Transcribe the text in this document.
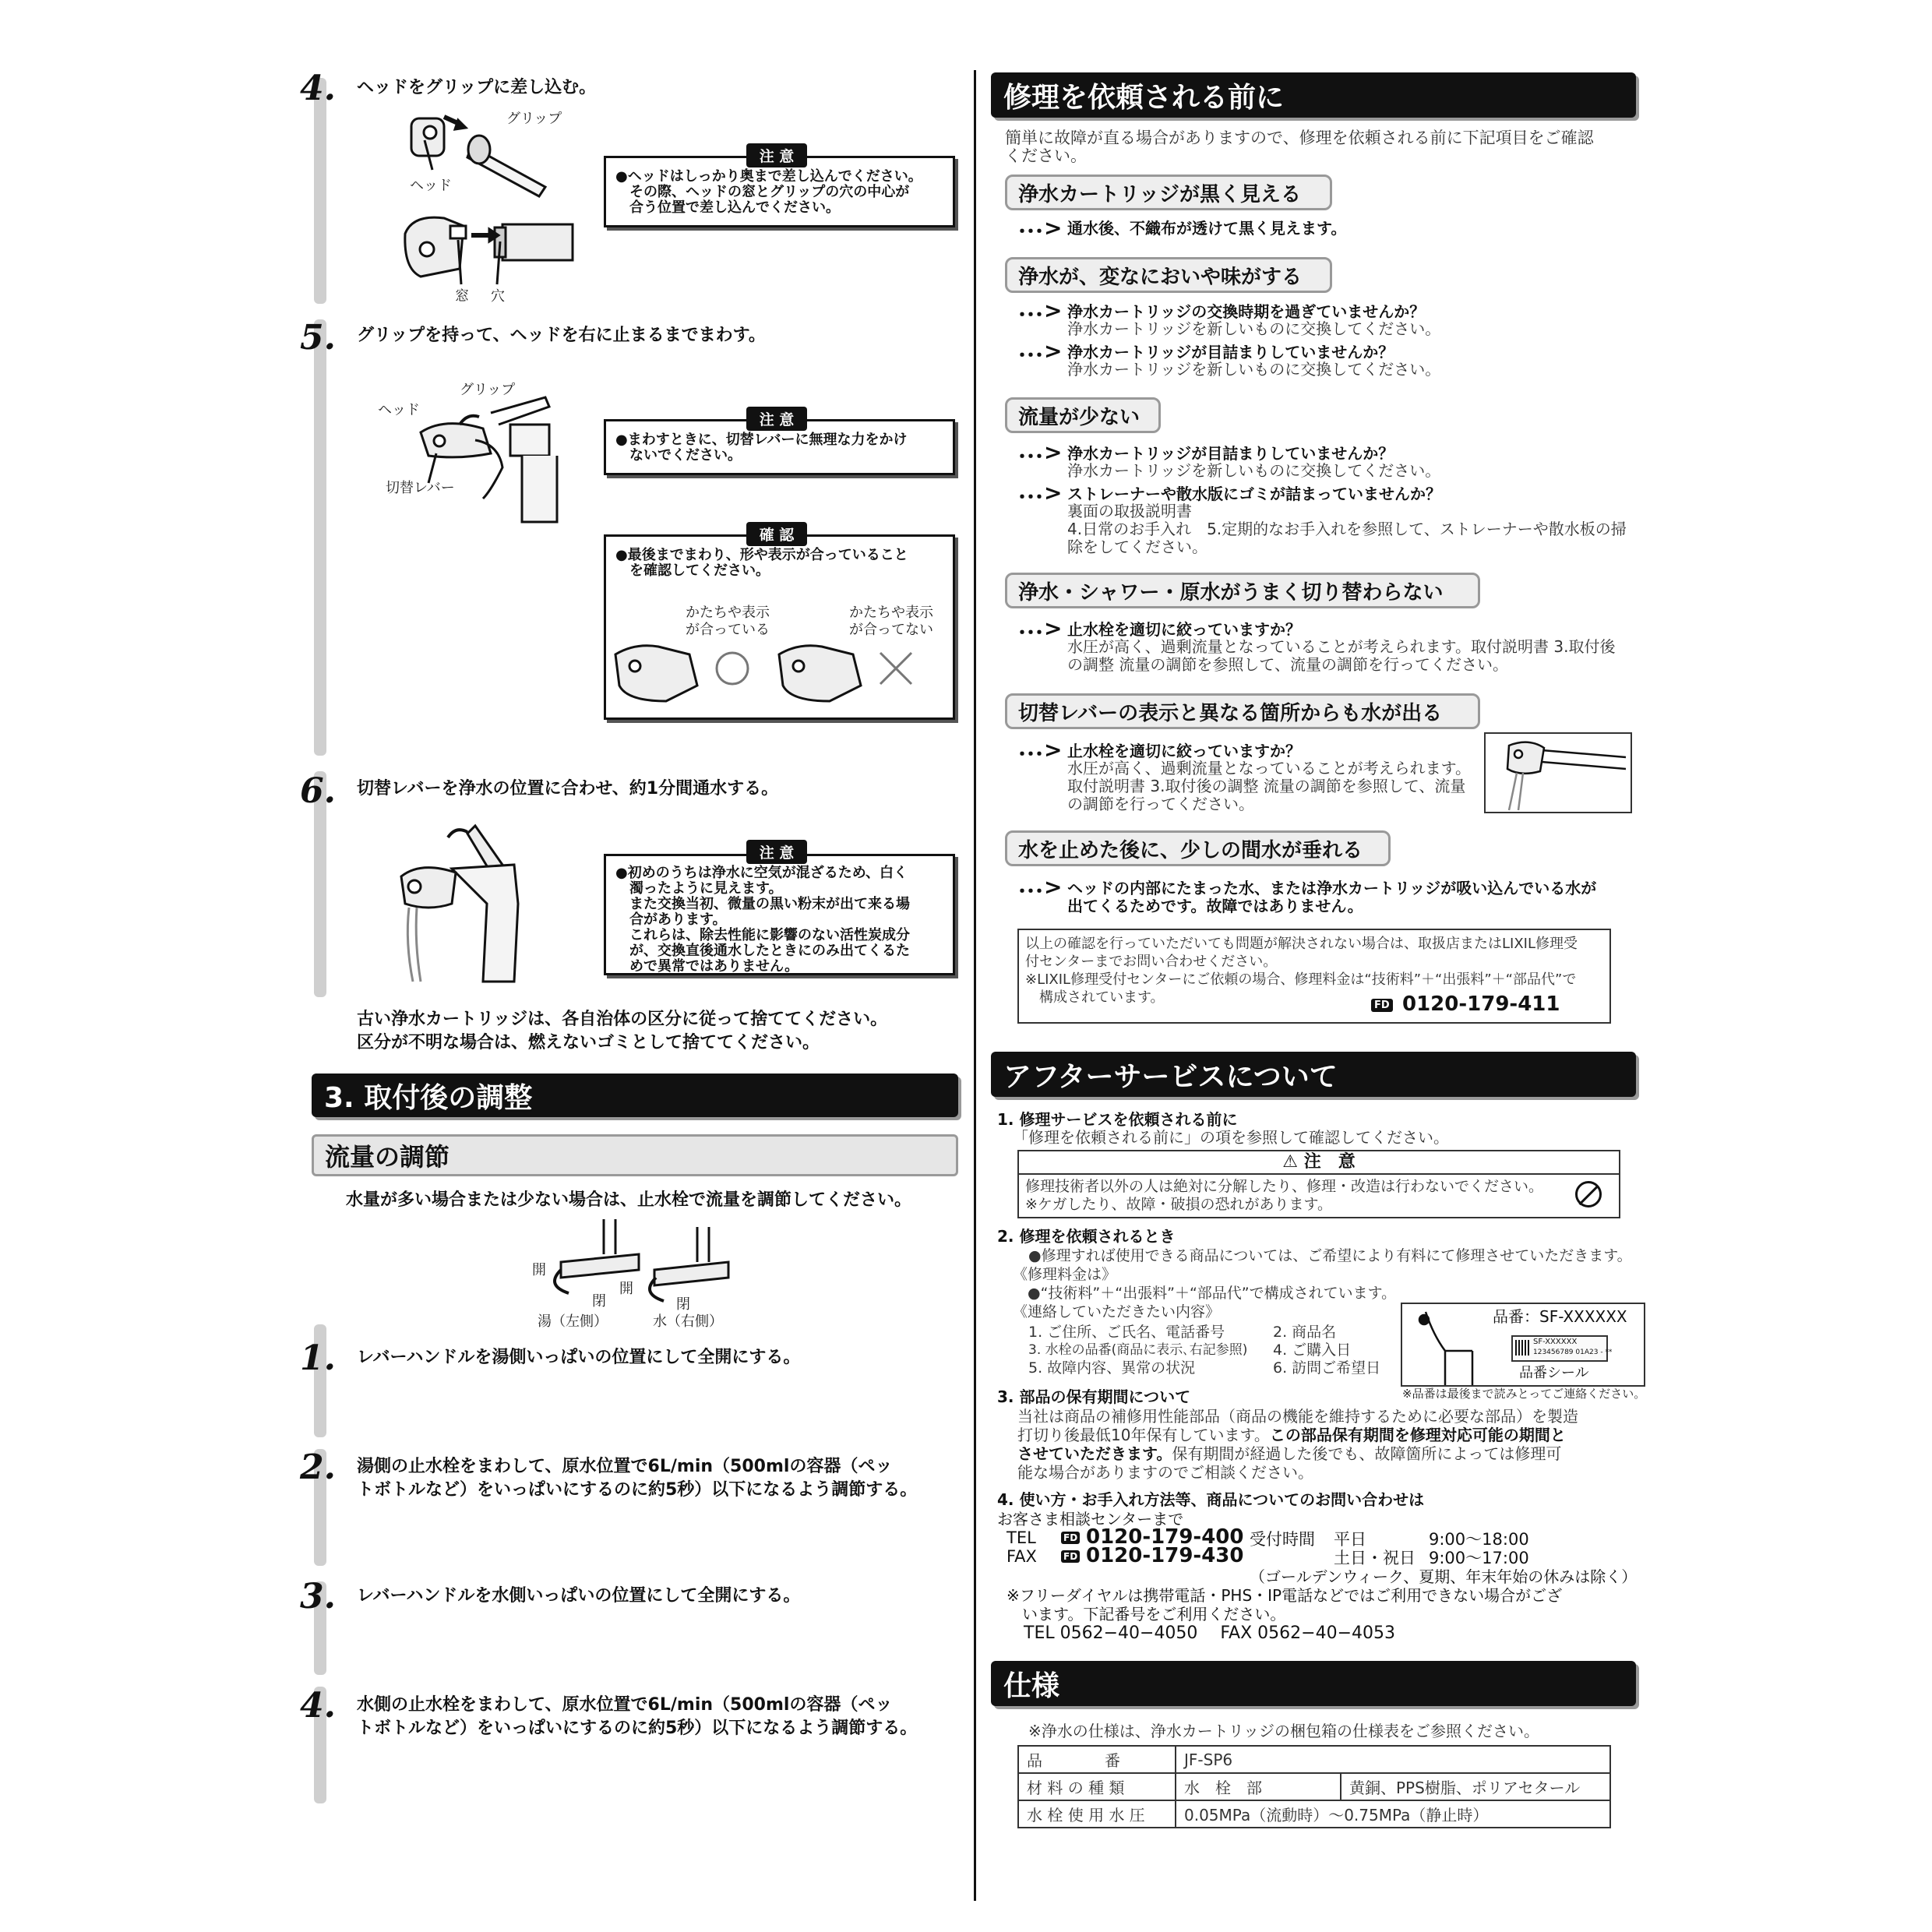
4. ヘッドをグリップに差し込む。
グリップ
ヘッド
窓 穴
●ヘッドはしっかり奥まで差し込んでください。
　その際、ヘッドの窓とグリップの穴の中心が
　合う位置で差し込んでください。
注 意
5. グリップを持って、ヘッドを右に止まるまでまわす。
グリップ
ヘッド
切替レバー
●まわすときに、切替レバーに無理な力をかけ
　ないでください。
注 意
●最後までまわり、形や表示が合っていること
　を確認してください。
確 認
かたちや表示
が合っている
かたちや表示
が合ってない
6. 切替レバーを浄水の位置に合わせ、約1分間通水する。
●初めのうちは浄水に空気が混ざるため、白く
　濁ったように見えます。
　また交換当初、微量の黒い粉末が出て来る場
　合があります。
　これらは、除去性能に影響のない活性炭成分
　が、交換直後通水したときにのみ出てくるた
　めで異常ではありません。
注 意
古い浄水カートリッジは、各自治体の区分に従って捨ててください。
区分が不明な場合は、燃えないゴミとして捨ててください。
3. 取付後の調整
流量の調節
水量が多い場合または少ない場合は、止水栓で流量を調節してください。
開
閉
開
閉
湯（左側）	水（右側）
1. レバーハンドルを湯側いっぱいの位置にして全開にする。
2. 湯側の止水栓をまわして、原水位置で6L/min（500mlの容器（ペッ
トボトルなど）をいっぱいにするのに約5秒）以下になるよう調節する。
3. レバーハンドルを水側いっぱいの位置にして全開にする。
4. 水側の止水栓をまわして、原水位置で6L/min（500mlの容器（ペッ
トボトルなど）をいっぱいにするのに約5秒）以下になるよう調節する。
修理を依頼される前に
簡単に故障が直る場合がありますので、修理を依頼される前に下記項目をご確認
ください。
浄水カートリッジが黒く見える
･･･ > 通水後、不織布が透けて黒く見えます。
浄水が、変なにおいや味がする
･･･ > 浄水カートリッジの交換時期を過ぎていませんか？
浄水カートリッジを新しいものに交換してください。
･･･ > 浄水カートリッジが目詰まりしていませんか？
浄水カートリッジを新しいものに交換してください。
流量が少ない
･･･ > 浄水カートリッジが目詰まりしていませんか？
浄水カートリッジを新しいものに交換してください。
･･･ > ストレーナーや散水版にゴミが詰まっていませんか？
裏面の取扱説明書
4.日常のお手入れ　5.定期的なお手入れを参照して、ストレーナーや散水板の掃
除をしてください。
浄水・シャワー・原水がうまく切り替わらない
･･･ > 止水栓を適切に絞っていますか？
水圧が高く、過剰流量となっていることが考えられます。取付説明書 3.取付後
の調整 流量の調節を参照して、流量の調節を行ってください。
切替レバーの表示と異なる箇所からも水が出る
･･･ > 止水栓を適切に絞っていますか？
水圧が高く、過剰流量となっていることが考えられます。
取付説明書 3.取付後の調整 流量の調節を参照して、流量
の調節を行ってください。
水を止めた後に、少しの間水が垂れる
･･･ > ヘッドの内部にたまった水、または浄水カートリッジが吸い込んでいる水が
出てくるためです。故障ではありません。
以上の確認を行っていただいても問題が解決されない場合は、取扱店またはLIXIL修理受
付センターまでお問い合わせください。
※LIXIL修理受付センターにご依頼の場合、修理料金は“技術料”＋“出張料”＋“部品代”で
　構成されています。	FD 0120-179-411
アフターサービスについて
1. 修理サービスを依頼される前に
「修理を依頼される前に」の項を参照して確認してください。
⚠ 注　意
修理技術者以外の人は絶対に分解したり、修理・改造は行わないでください。
※ケガしたり、故障・破損の恐れがあります。
2. 修理を依頼されるとき
●修理すれば使用できる商品については、ご希望により有料にて修理させていただきます。
《修理料金は》
　●“技術料”＋“出張料”＋“部品代”で構成されています。
《連絡していただきたい内容》
1. ご住所、ご氏名、電話番号	2. 商品名
3. 水栓の品番(商品に表示､右記参照) 4. ご購入日
5. 故障内容、異常の状況	6. 訪問ご希望日
品番：SF-XXXXXX
SF-XXXXXX
123456789 01A23 - **
品番シール
※品番は最後まで読みとってご連絡ください。
3. 部品の保有期間について
当社は商品の補修用性能部品（商品の機能を維持するために必要な部品）を製造
打切り後最低10年保有しています。この部品保有期間を修理対応可能の期間と
させていただきます。保有期間が経過した後でも、故障箇所によっては修理可
能な場合がありますのでご相談ください。
4. 使い方・お手入れ方法等、商品についてのお問い合わせは
お客さま相談センターまで
TEL	FD 0120-179-400
FAX	FD 0120-179-430
受付時間 平日	9:00〜18:00
土日・祝日 9:00〜17:00
（ゴールデンウィーク、夏期、年末年始の休みは除く）
※フリーダイヤルは携帯電話・PHS・IP電話などではご利用できない場合がござ
　います。下記番号をご利用ください。
TEL 0562−40−4050　 FAX 0562−40−4053
仕様
※浄水の仕様は、浄水カートリッジの梱包箱の仕様表をご参照ください。
品　　　　番	JF-SP6	
材 料 の 種 類	水　栓　部	黄銅、PPS樹脂、ポリアセタール
水 栓 使 用 水 圧	0.05MPa（流動時）〜0.75MPa（静止時）	
